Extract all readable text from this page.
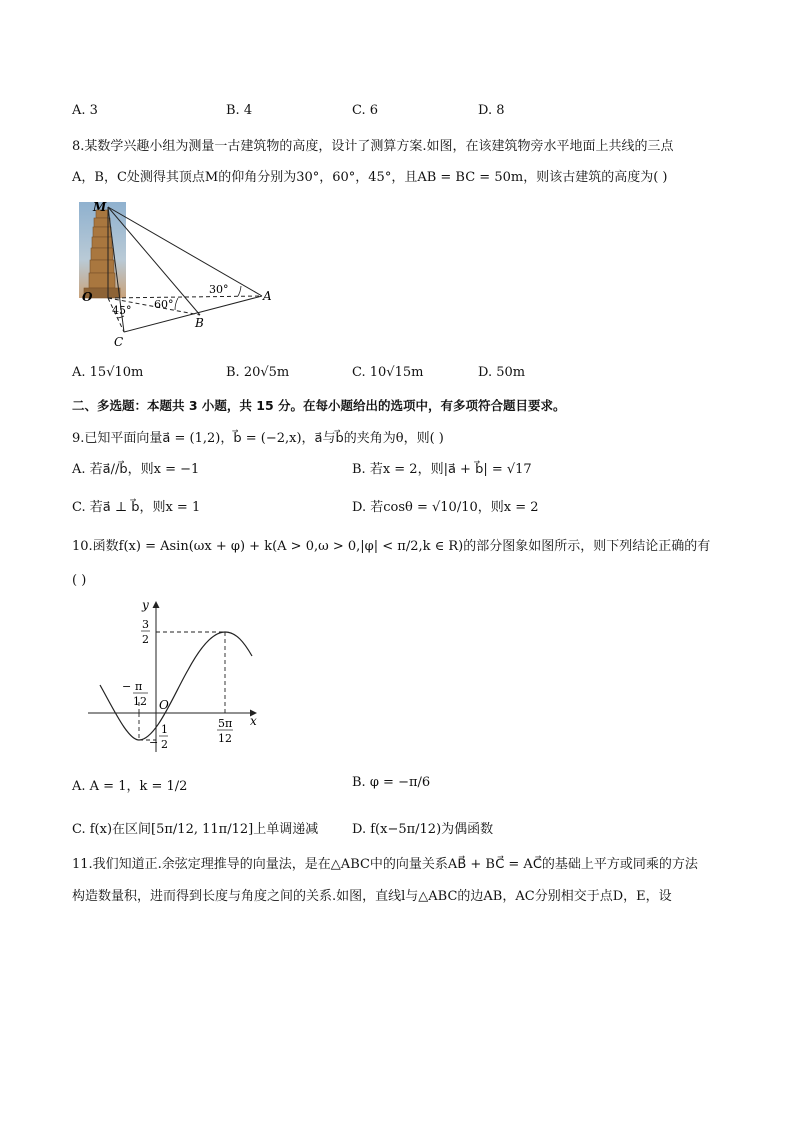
A. 3	B. 4	C. 6	D. 8
8.某数学兴趣小组为测量一古建筑物的高度，设计了测算方案.如图，在该建筑物旁水平地面上共线的三点
A，B，C处测得其顶点M的仰角分别为30°，60°，45°，且AB = BC = 50m，则该古建筑的高度为( )
M
O	A
B
C
30°
60°
45°
A. 15√10m	B. 20√5m	C. 10√15m	D. 50m
二、多选题：本题共 3 小题，共 15 分。在每小题给出的选项中，有多项符合题目要求。
9.已知平面向量a⃗ = (1,2)，b⃗ = (−2,x)，a⃗与b⃗的夹角为θ，则( )
A. 若a⃗//b⃗，则x = −1	B. 若x = 2，则|a⃗ + b⃗| = √17
C. 若a⃗ ⊥ b⃗，则x = 1	D. 若cosθ = √10/10，则x = 2
10.函数f(x) = Asin(ωx + φ) + k(A > 0,ω > 0,|φ| < π/2,k ∈ R)的部分图象如图所示，则下列结论正确的有
( )
y
x
O
3
2
− π
12
5π
12
1
− 2
3/2
A. A = 1，k = 1/2	B. φ = −π/6
C. f(x)在区间[5π/12, 11π/12]上单调递减	D. f(x−5π/12)为偶函数
11.我们知道正.余弦定理推导的向量法，是在△ABC中的向量关系AB⃗ + BC⃗ = AC⃗的基础上平方或同乘的方法
构造数量积，进而得到长度与角度之间的关系.如图，直线l与△ABC的边AB，AC分别相交于点D，E，设
